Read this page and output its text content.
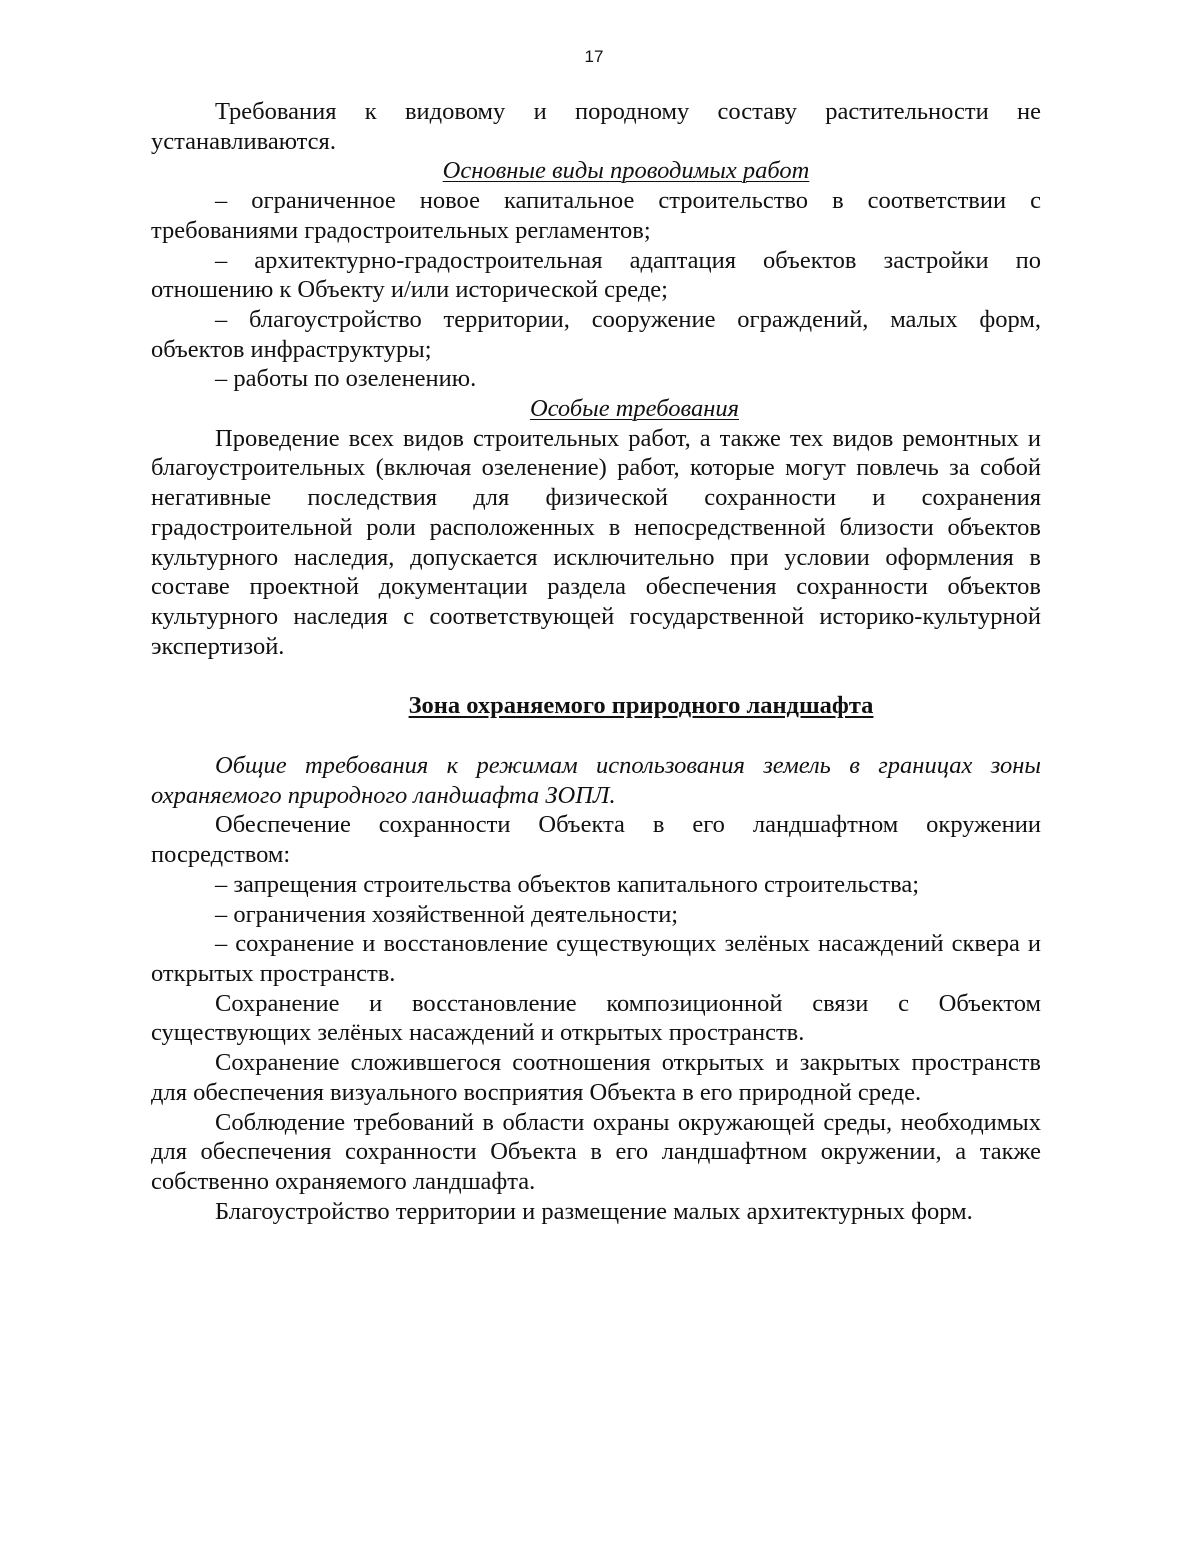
17

Требования к видовому и породному составу растительности не устанавливаются.

Основные виды проводимых работ

– ограниченное новое капитальное строительство в соответствии с требованиями градостроительных регламентов;

– архитектурно-градостроительная адаптация объектов застройки по отношению к Объекту и/или исторической среде;

– благоустройство территории, сооружение ограждений, малых форм, объектов инфраструктуры;

– работы по озеленению.

Особые требования

Проведение всех видов строительных работ, а также тех видов ремонтных и благоустроительных (включая озеленение) работ, которые могут повлечь за собой негативные последствия для физической сохранности и сохранения градостроительной роли расположенных в непосредственной близости объектов культурного наследия, допускается исключительно при условии оформления в составе проектной документации раздела обеспечения сохранности объектов культурного наследия с соответствующей государственной историко-культурной экспертизой.

Зона охраняемого природного ландшафта

Общие требования к режимам использования земель в границах зоны охраняемого природного ландшафта ЗОПЛ.

Обеспечение сохранности Объекта в его ландшафтном окружении посредством:

– запрещения строительства объектов капитального строительства;

– ограничения хозяйственной деятельности;

– сохранение и восстановление существующих зелёных насаждений сквера и открытых пространств.

Сохранение и восстановление композиционной связи с Объектом существующих зелёных насаждений и открытых пространств.

Сохранение сложившегося соотношения открытых и закрытых пространств для обеспечения визуального восприятия Объекта в его природной среде.

Соблюдение требований в области охраны окружающей среды, необходимых для обеспечения сохранности Объекта в его ландшафтном окружении, а также собственно охраняемого ландшафта.

Благоустройство территории и размещение малых архитектурных форм.
